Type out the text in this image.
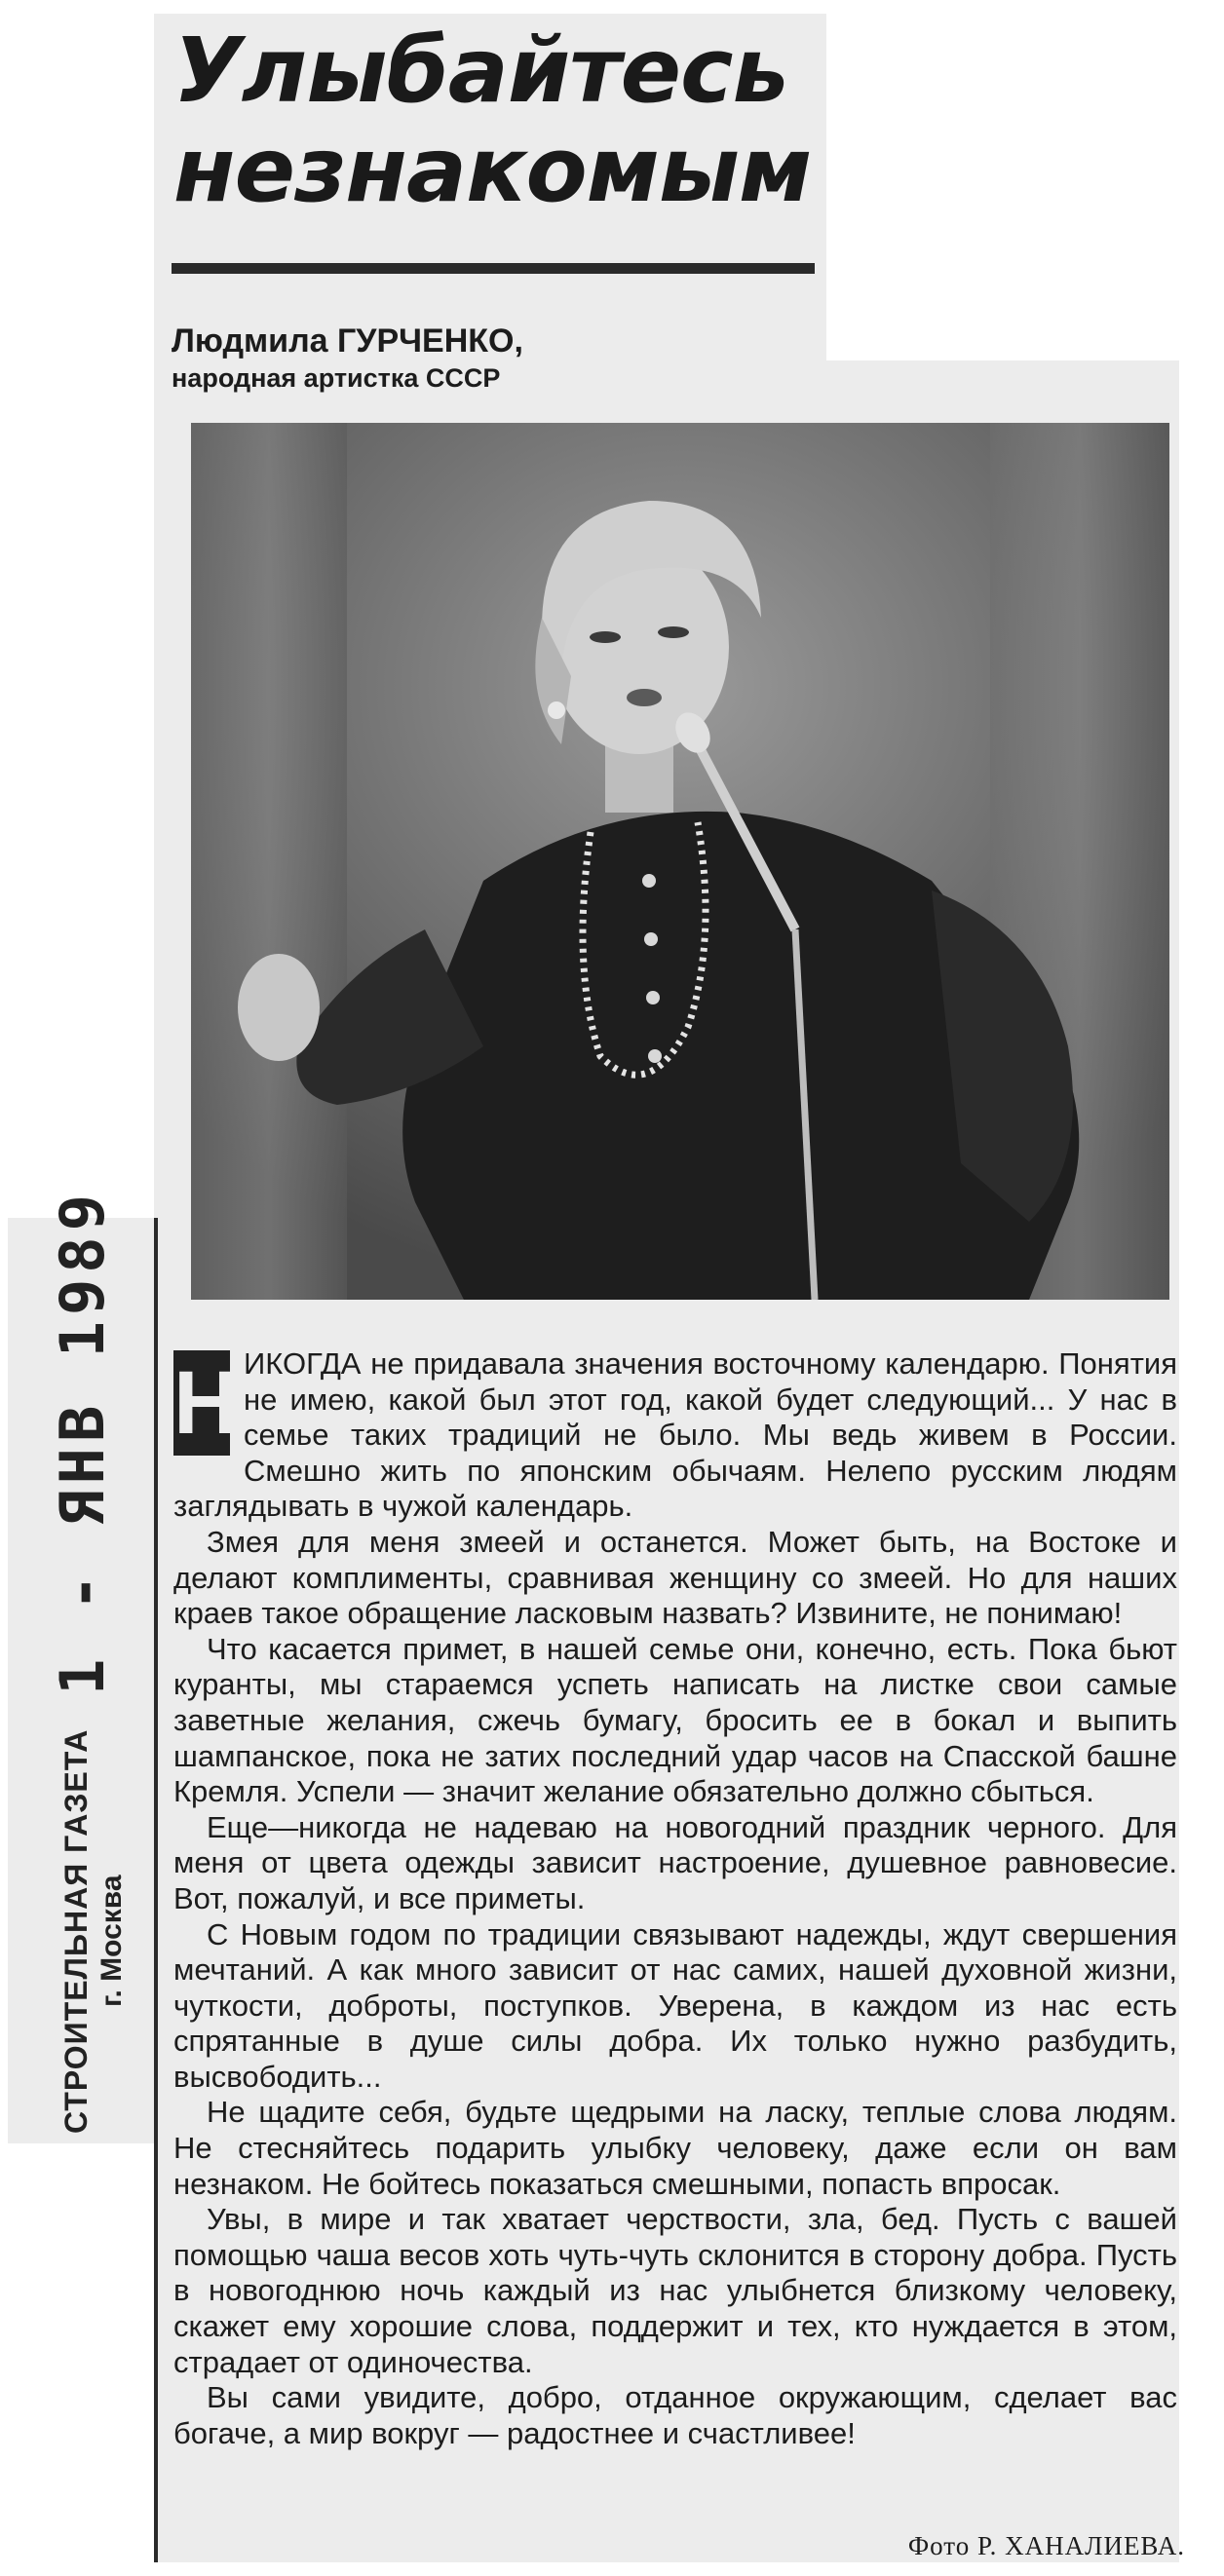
1 - ЯНВ 1989
СТРОИТЕЛЬНАЯ ГАЗЕТА г. Москва
Улыбайтесь
незнакомым
Людмила ГУРЧЕНКО,
народная артистка СССР

Н ИКОГДА не придавала значения восточному календарю. Понятия не имею, какой был этот год, какой будет следующий... У нас в семье таких традиций не было. Мы ведь живем в России. Смешно жить по японским обычаям. Нелепо русским людям заглядывать в чужой календарь.

Змея для меня змеей и останется. Может быть, на Востоке и делают комплименты, сравнивая женщину со змеей. Но для наших краев такое обращение ласковым назвать? Извините, не понимаю!

Что касается примет, в нашей семье они, конечно, есть. Пока бьют куранты, мы стараемся успеть написать на листке свои самые заветные желания, сжечь бумагу, бросить ее в бокал и выпить шампанское, пока не затих последний удар часов на Спасской башне Кремля. Успели — значит желание обязательно должно сбыться.

Еще—никогда не надеваю на новогодний праздник черного. Для меня от цвета одежды зависит настроение, душевное равновесие. Вот, пожалуй, и все приметы.

С Новым годом по традиции связывают надежды, ждут свершения мечтаний. А как много зависит от нас самих, нашей духовной жизни, чуткости, доброты, поступков. Уверена, в каждом из нас есть спрятанные в душе силы добра. Их только нужно разбудить, высвободить...

Не щадите себя, будьте щедрыми на ласку, теплые слова людям. Не стесняйтесь подарить улыбку человеку, даже если он вам незнаком. Не бойтесь показаться смешными, попасть впросак.

Увы, в мире и так хватает черствости, зла, бед. Пусть с вашей помощью чаша весов хоть чуть-чуть склонится в сторону добра. Пусть в новогоднюю ночь каждый из нас улыбнется близкому человеку, скажет ему хорошие слова, поддержит и тех, кто нуждается в этом, страдает от одиночества.

Вы сами увидите, добро, отданное окружающим, сделает вас богаче, а мир вокруг — радостнее и счастливее!

Фото Р. ХАНАЛИЕВА.
